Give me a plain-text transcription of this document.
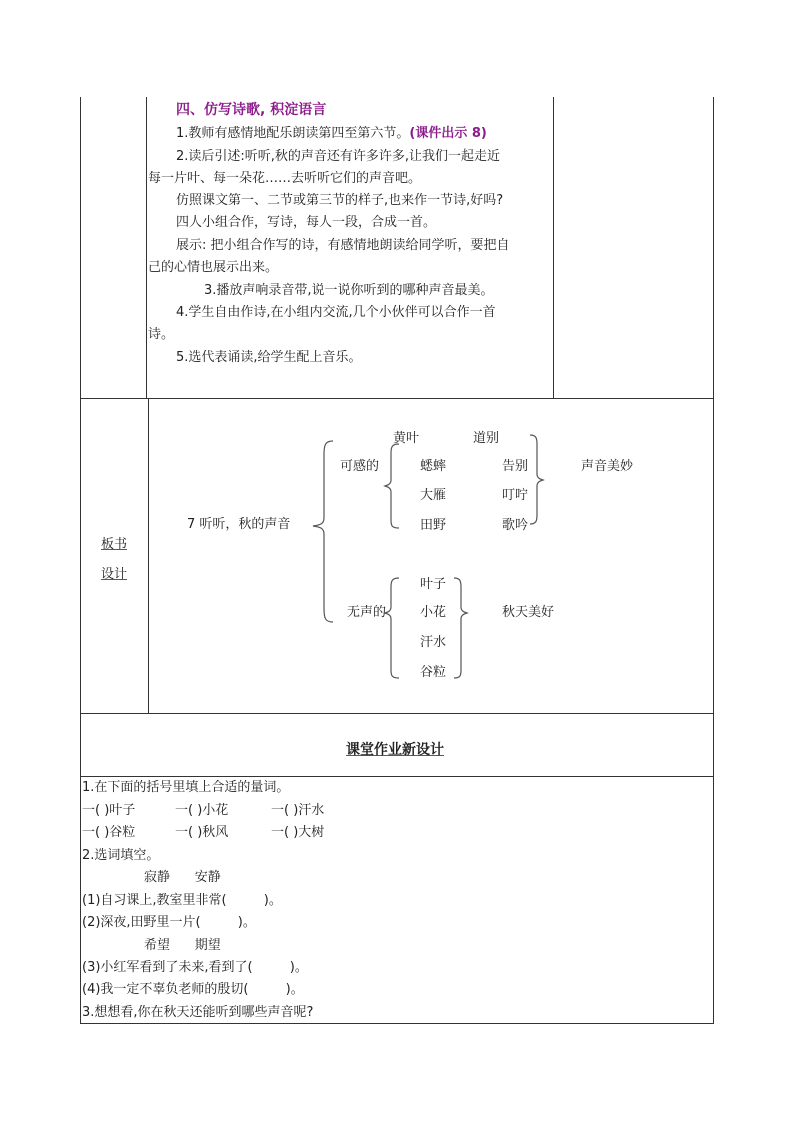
四、仿写诗歌, 积淀语言
1.教师有感情地配乐朗读第四至第六节。(课件出示 8)
2.读后引述:听听,秋的声音还有许多许多,让我们一起走近
每一片叶、每一朵花……去听听它们的声音吧。
仿照课文第一、二节或第三节的样子,也来作一节诗,好吗?
四人小组合作，写诗，每人一段，合成一首。
展示: 把小组合作写的诗，有感情地朗读给同学听，要把自
己的心情也展示出来。
3.播放声响录音带,说一说你听到的哪种声音最美。
4.学生自由作诗,在小组内交流,几个小伙伴可以合作一首
诗。
5.选代表诵读,给学生配上音乐。
板书
设计
7 听听，秋的声音
可感的
无声的
黄叶
蟋蟀
大雁
田野
道别
告别
叮咛
歌吟
声音美妙
叶子
小花
汗水
谷粒
秋天美好
课堂作业新设计
1.在下面的括号里填上合适的量词。
一( )叶子	一( )小花	一( )汗水
一( )谷粒	一( )秋风	一( )大树
2.选词填空。
寂静      安静
(1)自习课上,教室里非常(         )。
(2)深夜,田野里一片(         )。
希望      期望
(3)小红军看到了未来,看到了(         )。
(4)我一定不辜负老师的殷切(         )。
3.想想看,你在秋天还能听到哪些声音呢?
